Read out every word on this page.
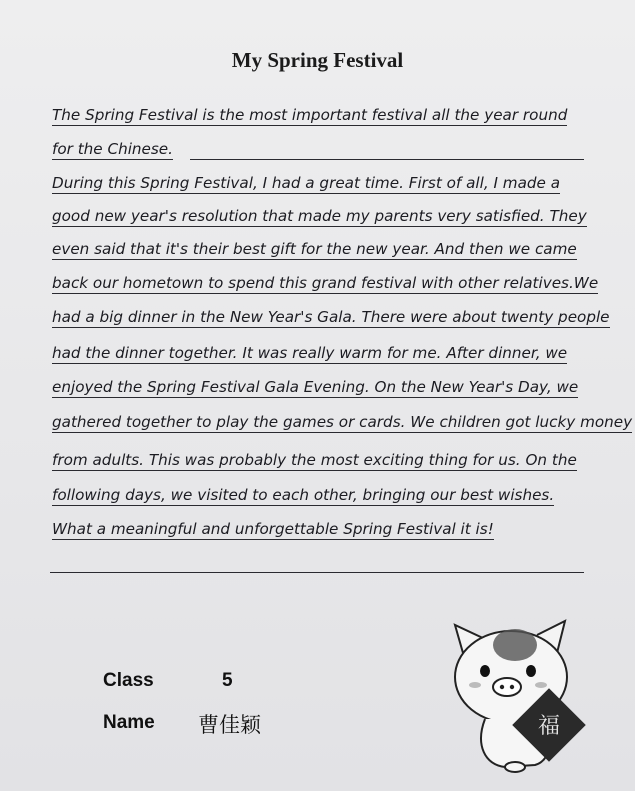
My Spring Festival
The Spring Festival is the most important festival all the year round
for the Chinese.
During this Spring Festival, I had a great time. First of all, I made a
good new year's resolution that made my parents very satisfied. They
even said that it's their best gift for the new year. And then we came
back our hometown to spend this grand festival with other relatives.We
had a big dinner in the New Year's Gala. There were about twenty people
had the dinner together. It was really warm for me. After dinner, we
enjoyed the Spring Festival Gala Evening. On the New Year's Day, we
gathered together to play the games or cards. We children got lucky money
from adults. This was probably the most exciting thing for us. On the
following days, we visited to each other, bringing our best wishes.
What a meaningful and unforgettable Spring Festival it is!
Class	5
Name 曹佳颖	福
